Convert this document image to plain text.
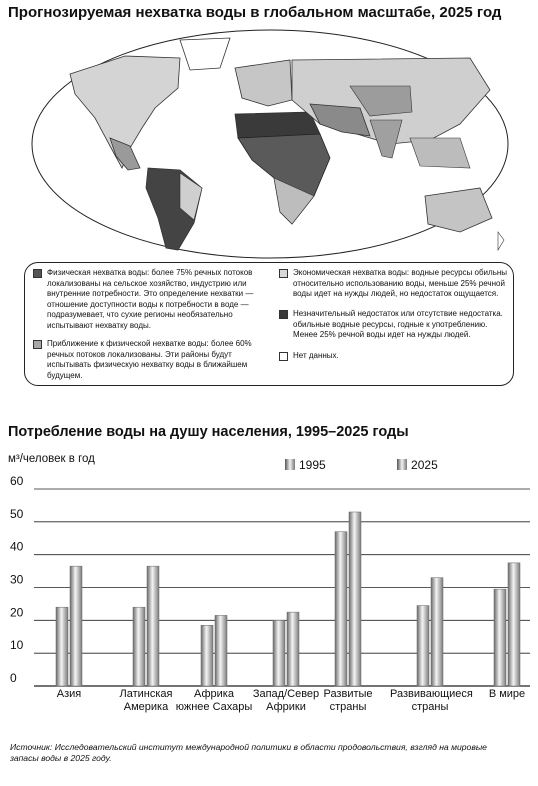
Прогнозируемая нехватка воды в глобальном масштабе, 2025 год
Физическая нехватка воды: более 75% речных потоков локализованы на сельское хозяйство, индустрию или внутренние потребности. Это определение нехватки — отношение доступности воды к потребности в воде — подразумевает, что сухие регионы необязательно испытывают нехватку воды.
Приближение к физической нехватке воды: более 60% речных потоков локализованы. Эти районы будут испытывать физическую нехватку воды в ближайшем будущем.
Экономическая нехватка воды: водные ресурсы обильны относительно использованию воды, меньше 25% речной воды идет на нужды людей, но недостаток ощущается.
Незначительный недостаток или отсутствие недостатка. обильные водные ресурсы, годные к употреблению. Менее 25% речной воды идет на нужды людей.
Нет данных.
Потребление воды на душу населения, 1995–2025 годы
м³/человек в год	1995	2025
0
10
20
30
40
50
60
Азия	Латинская
Америка
Африка
южнее Сахары
Запад/Север
Африки
Развитые
страны
Развивающиеся
страны
В мире
Источник: Исследовательский институт международной политики в области продовольствия, взгляд на мировые запасы воды в 2025 году.
